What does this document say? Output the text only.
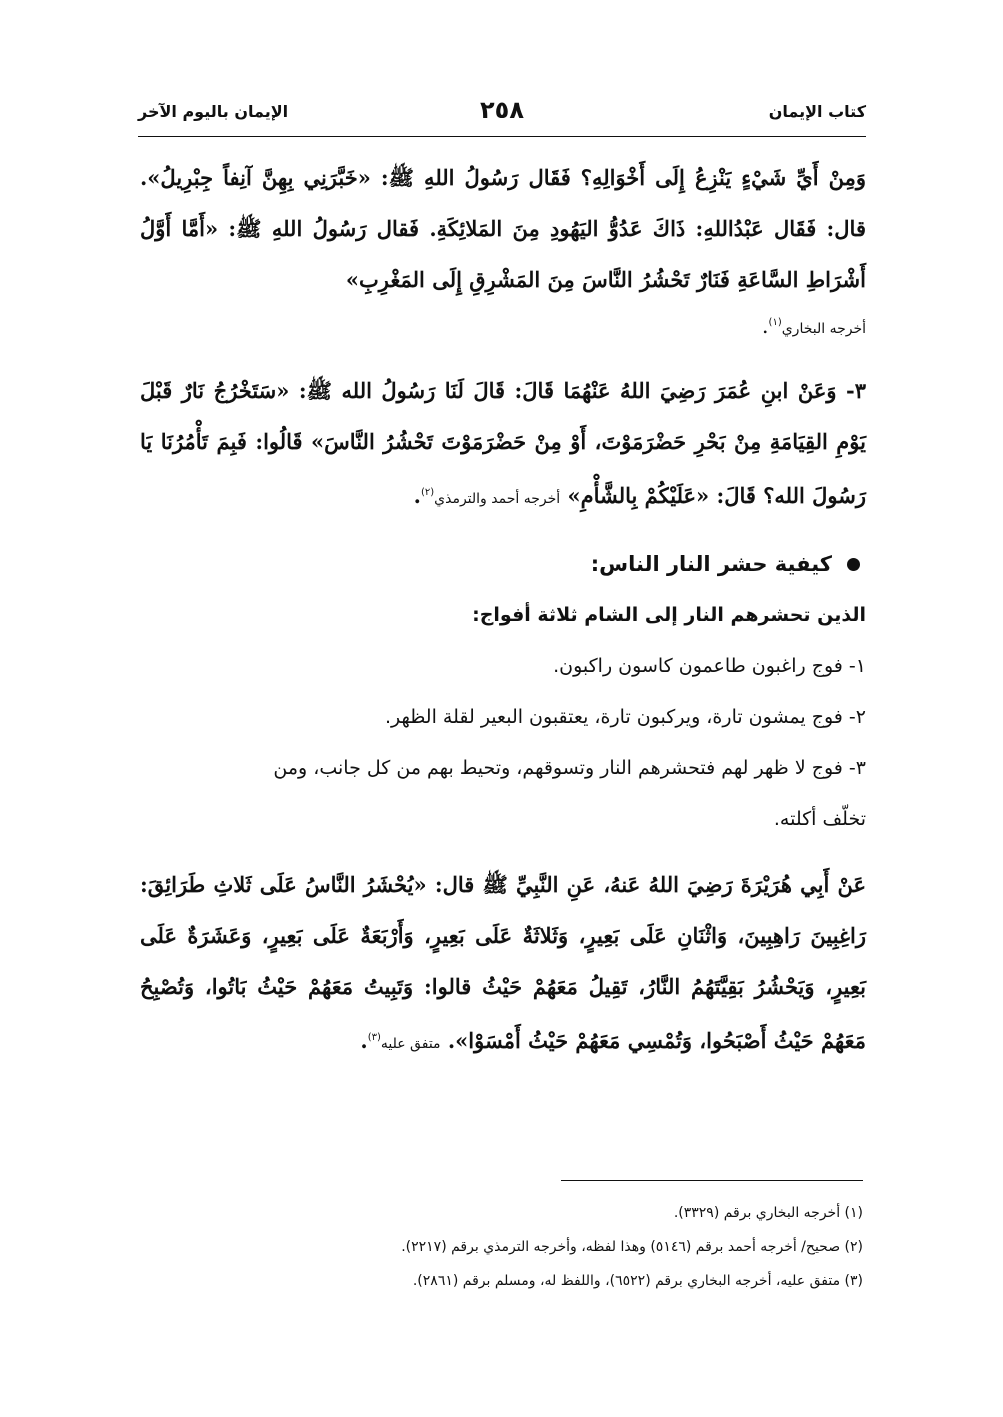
كتاب الإيمان
٢٥٨
الإيمان باليوم الآخر

وَمِنْ أَيِّ شَيْءٍ يَنْزِعُ إِلَى أَخْوَالِهِ؟ فَقَال رَسُولُ اللهِ ﷺ: «خَبَّرَنِي بِهِنَّ آنِفاً جِبْرِيلُ». قال: فَقَال عَبْدُاللهِ: ذَاكَ عَدُوُّ اليَهُودِ مِنَ المَلائِكَةِ. فَقال رَسُولُ اللهِ ﷺ: «أَمَّا أَوَّلُ أَشْرَاطِ السَّاعَةِ فَنَارٌ تَحْشُرُ النَّاسَ مِنَ المَشْرِقِ إِلَى المَغْرِبِ»

أخرجه البخاري$^{(١)}$.

٣- وَعَنْ ابنِ عُمَرَ رَضِيَ اللهُ عَنْهُمَا قَالَ: قَالَ لَنَا رَسُولُ الله ﷺ: «سَتَخْرُجُ نَارٌ قَبْلَ يَوْمِ القِيَامَةِ مِنْ بَحْرِ حَضْرَمَوْتَ، أَوْ مِنْ حَضْرَمَوْتَ تَحْشُرُ النَّاسَ» قَالُوا: فَبِمَ تَأْمُرُنَا يَا رَسُولَ الله؟ قَالَ: «عَلَيْكُمْ بِالشَّأْمِ» أخرجه أحمد والترمذي$^{(٢)}$.

كيفية حشر النار الناس:

الذين تحشرهم النار إلى الشام ثلاثة أفواج:

١- فوج راغبون طاعمون كاسون راكبون.

٢- فوج يمشون تارة، ويركبون تارة، يعتقبون البعير لقلة الظهر.

٣- فوج لا ظهر لهم فتحشرهم النار وتسوقهم، وتحيط بهم من كل جانب، ومن

تخلّف أكلته.

عَنْ أَبِي هُرَيْرَةَ رَضِيَ اللهُ عَنهُ، عَنِ النَّبِيِّ ﷺ قال: «يُحْشَرُ النَّاسُ عَلَى ثَلاثِ طَرَائِقَ: رَاغِبِينَ رَاهِبِينَ، وَاثْنَانِ عَلَى بَعِيرٍ، وَثَلاثَةٌ عَلَى بَعِيرٍ، وَأَرْبَعَةٌ عَلَى بَعِيرٍ، وَعَشَرَةٌ عَلَى بَعِيرٍ، وَيَحْشُرُ بَقِيَّتَهُمُ النَّارُ، تَقِيلُ مَعَهُمْ حَيْثُ قالوا: وَتَبِيتُ مَعَهُمْ حَيْثُ بَاتُوا، وَتُصْبِحُ مَعَهُمْ حَيْثُ أَصْبَحُوا، وَتُمْسِي مَعَهُمْ حَيْثُ أَمْسَوْا». متفق عليه$^{(٣)}$.

(١) أخرجه البخاري برقم (٣٣٢٩).
(٢) صحيح/ أخرجه أحمد برقم (٥١٤٦) وهذا لفظه، وأخرجه الترمذي برقم (٢٢١٧).
(٣) متفق عليه، أخرجه البخاري برقم (٦٥٢٢)، واللفظ له، ومسلم برقم (٢٨٦١).
